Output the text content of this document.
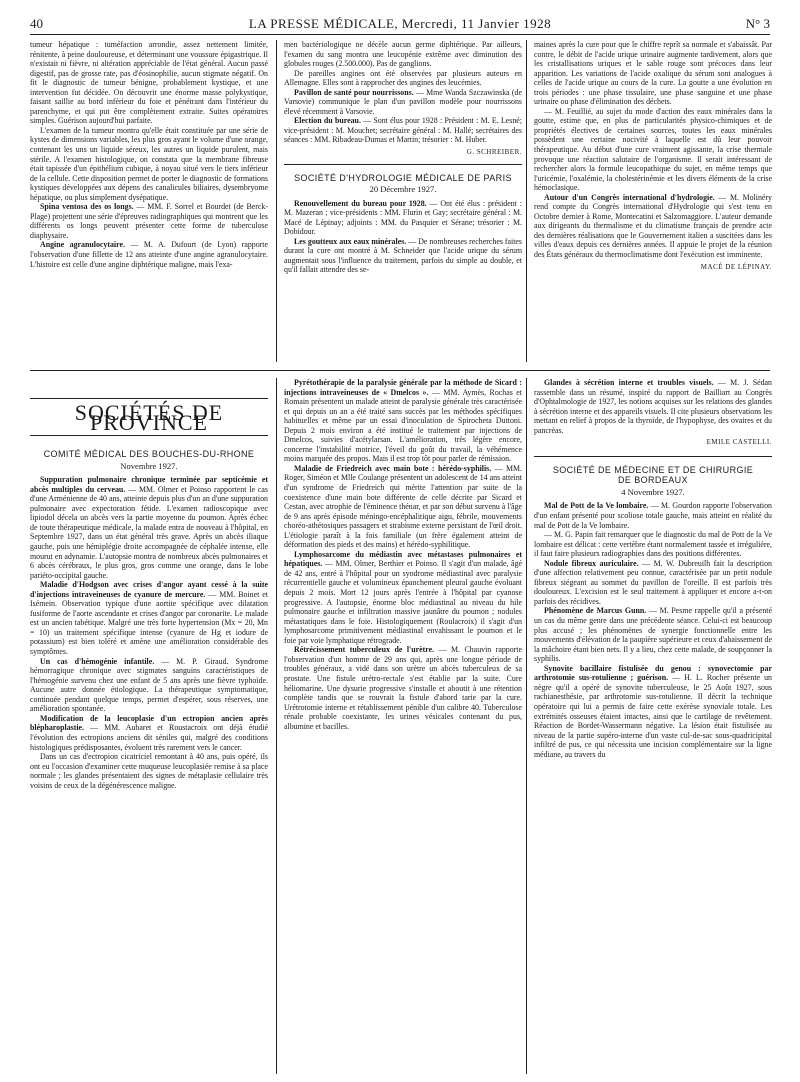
40	LA PRESSE MÉDICALE, Mercredi, 11 Janvier 1928	N° 3

tumeur hépatique : tuméfaction arrondie, assez nettement limitée, rénitente, à peine douloureuse, et déterminant une voussure épigastrique. Il n'existait ni fièvre, ni altération appréciable de l'état général. Aucun passé digestif, pas de grosse rate, pas d'éosinophilie, aucun stigmate négatif. On fit le diagnostic de tumeur bénigne, probablement kystique, et une intervention fut décidée. On découvrit une énorme masse polykystique, faisant saillie au bord inférieur du foie et pénétrant dans l'intérieur du parenchyme, et qui put être complètement extraite. Suites opératoires simples. Guérison aujourd'hui parfaite.

L'examen de la tumeur montra qu'elle était constituée par une série de kystes de dimensions variables, les plus gros ayant le volume d'une orange, contenant les uns un liquide séreux, les autres un liquide purulent, mais stérile. A l'examen histologique, on constata que la membrane fibreuse était tapissée d'un épithélium cubique, à noyau situé vers le tiers inférieur de la cellule. Cette disposition permet de porter le diagnostic de formations kystiques développées aux dépens des canalicules biliaires, dysembryome hépatique, ou plus simplement dysépatique.

Spina ventosa des os longs. — MM. F. Sorrel et Bourdet (de Berck-Plage) projettent une série d'épreuves radiographiques qui montrent que les différents os longs peuvent présenter cette forme de tuberculose diaphysaire.

Angine agranulocytaire. — M. A. Dufourt (de Lyon) rapporte l'observation d'une fillette de 12 ans atteinte d'une angine agranulocytaire. L'histoire est celle d'une angine diphtérique maligne, mais l'exa-

men bactériologique ne décèle aucun germe diphtérique. Par ailleurs, l'examen du sang montra une leucopénie extrême avec diminution des globules rouges (2.500.000). Pas de ganglions.

De pareilles angines ont été observées par plusieurs auteurs en Allemagne. Elles sont à rapprocher des angines des leucémies.

Pavillon de santé pour nourrissons. — Mme Wanda Szczawinska (de Varsovie) communique le plan d'un pavillon modèle pour nourrissons élevé récemment à Varsovie.

Election du bureau. — Sont élus pour 1928 : Président : M. E. Lesné; vice-président : M. Mouchet; secrétaire général : M. Hallé; secrétaires des séances : MM. Ribadeau-Dumas et Martin; trésorier : M. Huber.

G. SCHREIBER.
SOCIÉTÉ D'HYDROLOGIE MÉDICALE DE PARIS
20 Décembre 1927.

Renouvellement du bureau pour 1928. — Ont été élus : président : M. Mazeran ; vice-présidents : MM. Flurin et Gay; secrétaire général : M. Macé de Lépinay; adjoints : MM. du Pasquier et Sérane; trésorier : M. Dobidour.

Les goutteux aux eaux minérales. — De nombreuses recherches faites durant la cure ont montré à M. Schneider que l'acide urique du sérum augmentait sous l'influence du traitement, parfois du simple au double, et qu'il fallait attendre des se-

maines après la cure pour que le chiffre reprît sa normale et s'abaissât. Par contre, le débit de l'acide urique urinaire augmente tardivement, alors que les cristallisations uriques et le sable rouge sont précoces dans leur apparition. Les variations de l'acide oxalique du sérum sont analogues à celles de l'acide urique au cours de la cure. La goutte a une évolution en trois périodes : une phase tissulaire, une phase sanguine et une phase urinaire ou phase d'élimination des déchets.

— M. Feuillié, au sujet du mode d'action des eaux minérales dans la goutte, estime que, en plus de particularités physico-chimiques et de propriétés électives de certaines sources, toutes les eaux minérales possèdent une certaine nocivité à laquelle est dû leur pouvoir thérapeutique. Au début d'une cure vraiment agissante, la crise thermale provoque une réaction salutaire de l'organisme. Il serait intéressant de rechercher alors la formule leucopathique du sujet, en même temps que l'uricémie, l'oxalémie, la cholestérinémie et les divers éléments de la crise hémoclasique.

Autour d'un Congrès international d'hydrologie. — M. Molinéry rend compte du Congrès international d'Hydrologie qui s'est tenu en Octobre dernier à Rome, Montecatini et Salzomaggiore. L'auteur demande aux dirigeants du thermalisme et du climatisme français de prendre acte des dernières réalisations que le Gouvernement italien a suscitées dans les villes d'eaux depuis ces dernières années. Il appuie le projet de la réunion des États généraux du thermoclimatisme dont l'exécution est imminente.

MACÉ DE LÉPINAY.
SOCIÉTÉS DE PROVINCE
COMITÉ MÉDICAL DES BOUCHES-DU-RHONE
Novembre 1927.

Suppuration pulmonaire chronique terminée par septicémie et abcès multiples du cerveau. — MM. Olmer et Poinso rapportent le cas d'une Arménienne de 40 ans, atteinte depuis plus d'un an d'une suppuration pulmonaire avec expectoration fétide. L'examen radioscopique avec lipiodol décela un abcès vers la partie moyenne du poumon. Après échec de toute thérapeutique médicale, la malade entra de nouveau à l'hôpital, en Septembre 1927, dans un état général très grave. Après un abcès iliaque gauche, puis une hémiplégie droite accompagnée de céphalée intense, elle mourut en adynamie. L'autopsie montra de nombreux abcès pulmonaires et 6 abcès cérébraux, le plus gros, gros comme une orange, dans le lobe pariéto-occipital gauche.

Maladie d'Hodgson avec crises d'angor ayant cessé à la suite d'injections intraveineuses de cyanure de mercure. — MM. Boinet et Isémein. Observation typique d'une aortite spécifique avec dilatation fusiforme de l'aorte ascendante et crises d'angor par coronarite. Le malade est un ancien tabétique. Malgré une très forte hypertension (Mx = 20, Mn = 10) un traitement spécifique intense (cyanure de Hg et iodure de potassium) est bien toléré et amène une amélioration considérable des symptômes.

Un cas d'hémogénie infantile. — M. P. Giraud. Syndrome hémorragique chronique avec stigmates sanguins caractéristiques de l'hémogénie survenu chez une enfant de 5 ans après une fièvre typhoïde. Aucune autre donnée étiologique. La thérapeutique symptomatique, continuée pendant quelque temps, permet d'espérer, sous réserves, une amélioration spontanée.

Modification de la leucoplasie d'un ectropion ancien après blépharoplastie. — MM. Aubaret et Roustacroix ont déjà étudié l'évolution des ectropions anciens dit séniles qui, malgré des conditions histologiques prédisposantes, évoluent très rarement vers le cancer.

Dans un cas d'ectropion cicatriciel remontant à 40 ans, puis opéré, ils ont eu l'occasion d'examiner cette muqueuse leucoplasiée remise à sa place normale ; les glandes présentaient des signes de métaplasie cellulaire très voisins de ceux de la dégénérescence maligne.

Pyrétothérapie de la paralysie générale par la méthode de Sicard : injections intraveineuses de « Dmelcos ». — MM. Aymès, Rochas et Romain présentent un malade atteint de paralysie générale très caractérisée et qui depuis un an a été traité sans succès par les méthodes spécifiques habituelles et même par un essai d'inoculation de Spirocheta Duttoni. Depuis 2 mois environ a été institué le traitement par injections de Dmelcos, suivies d'acétylarsan. L'amélioration, très légère encore, concerne l'instabilité motrice, l'éveil du goût du travail, la véhémence moins marquée des propos. Mais il est trop tôt pour parler de rémission.

Maladie de Friedreich avec main bote : hérédo-syphilis. — MM. Roger, Siméon et Mlle Coulange présentent un adolescent de 14 ans atteint d'un syndrome de Friedreich qui mérite l'attention par suite de la coexistence d'une main bote différente de celle décrite par Sicard et Cestan, avec atrophie de l'éminence thénar, et par son début survenu à l'âge de 9 ans après épisode méningo-encéphalitique aigu, fébrile, mouvements choréo-athétosiques passagers et strabisme externe persistant de l'œil droit. L'étiologie paraît à la fois familiale (un frère également atteint de déformation des pieds et des mains) et hérédo-syphilitique.

Lymphosarcome du médiastin avec métastases pulmonaires et hépatiques. — MM. Olmer, Berthier et Poinso. Il s'agit d'un malade, âgé de 42 ans, entré à l'hôpital pour un syndrome médiastinal avec paralysie récurrentielle gauche et volumineux épanchement pleural gauche évoluant depuis 2 mois. Mort 12 jours après l'entrée à l'hôpital par cyanose progressive. A l'autopsie, énorme bloc médiastinal au niveau du hile pulmonaire gauche et infiltration massive jaunâtre du poumon ; nodules métastatiques dans le foie. Histologiquement (Roulacroix) il s'agit d'un lymphosarcome primitivement médiastinal envahissant le poumon et le foie par voie lymphatique rétrograde.

Rétrécissement tuberculeux de l'urètre. — M. Chauvin rapporte l'observation d'un homme de 29 ans qui, après une longue période de troubles généraux, a vidé dans son urètre un abcès tuberculeux de sa prostate. Une fistule urétro-rectale s'est établie par la suite. Cure héliomarine. Une dysurie progressive s'installe et aboutit à une rétention complète tandis que se rouvrait la fistule d'abord tarie par la cure. Urétrotomie interne et rétablissement pénible d'un calibre 40. Tuberculose rénale probable coexistante, les urines vésicales contenant du pus, albumine et bacilles.

Glandes à sécrétion interne et troubles visuels. — M. J. Sédan rassemble dans un résumé, inspiré du rapport de Bailliart au Congrès d'Ophtalmologie de 1927, les notions acquises sur les relations des glandes à sécrétion interne et des appareils visuels. Il cite plusieurs observations les mettant en relief à propos de la thyroïde, de l'hypophyse, des ovaires et du pancréas.

EMILE CASTELLI.
SOCIÉTÉ DE MÉDECINE ET DE CHIRURGIE
DE BORDEAUX
4 Novembre 1927.

Mal de Pott de la Ve lombaire. — M. Gourdon rapporte l'observation d'un enfant présenté pour scoliose totale gauche, mais atteint en réalité du mal de Pott de la Ve lombaire.

— M. G. Papin fait remarquer que le diagnostic du mal de Pott de la Ve lombaire est délicat : cette vertèbre étant normalement tassée et irrégulière, il faut faire plusieurs radiographies dans des positions différentes.

Nodule fibreux auriculaire. — M. W. Dubreuilh fait la description d'une affection relativement peu connue, caractérisée par un petit nodule fibreux siégeant au sommet du pavillon de l'oreille. Il est parfois très douloureux. L'excision est le seul traitement à appliquer et encore a-t-on parfois des récidives.

Phénomène de Marcus Gunn. — M. Pesme rappelle qu'il a présenté un cas du même genre dans une précédente séance. Celui-ci est beaucoup plus accusé ; les phénomènes de synergie fonctionnelle entre les mouvements d'élévation de la paupière supérieure et ceux d'abaissement de la mâchoire étant bien nets. Il y a lieu, chez cette malade, de soupçonner la syphilis.

Synovite bacillaire fistulisée du genou : synovectomie par arthrotomie sus-rotulienne ; guérison. — H. L. Rocher présente un nègre qu'il a opéré de synovite tuberculeuse, le 25 Août 1927, sous rachianesthésie, par arthrotomie sus-rotulienne. Il décrit la technique opératoire qui lui a permis de faire cette exérèse synoviale totale. Les extrémités osseuses étaient intactes, ainsi que le cartilage de revêtement. Réaction de Bordet-Wassermann négative. La lésion était fistulisée au niveau de la partie supéro-interne d'un vaste cul-de-sac sous-quadricipital infiltré de pus, ce qui nécessita une incision complémentaire sur la ligne médiane, au travers du
